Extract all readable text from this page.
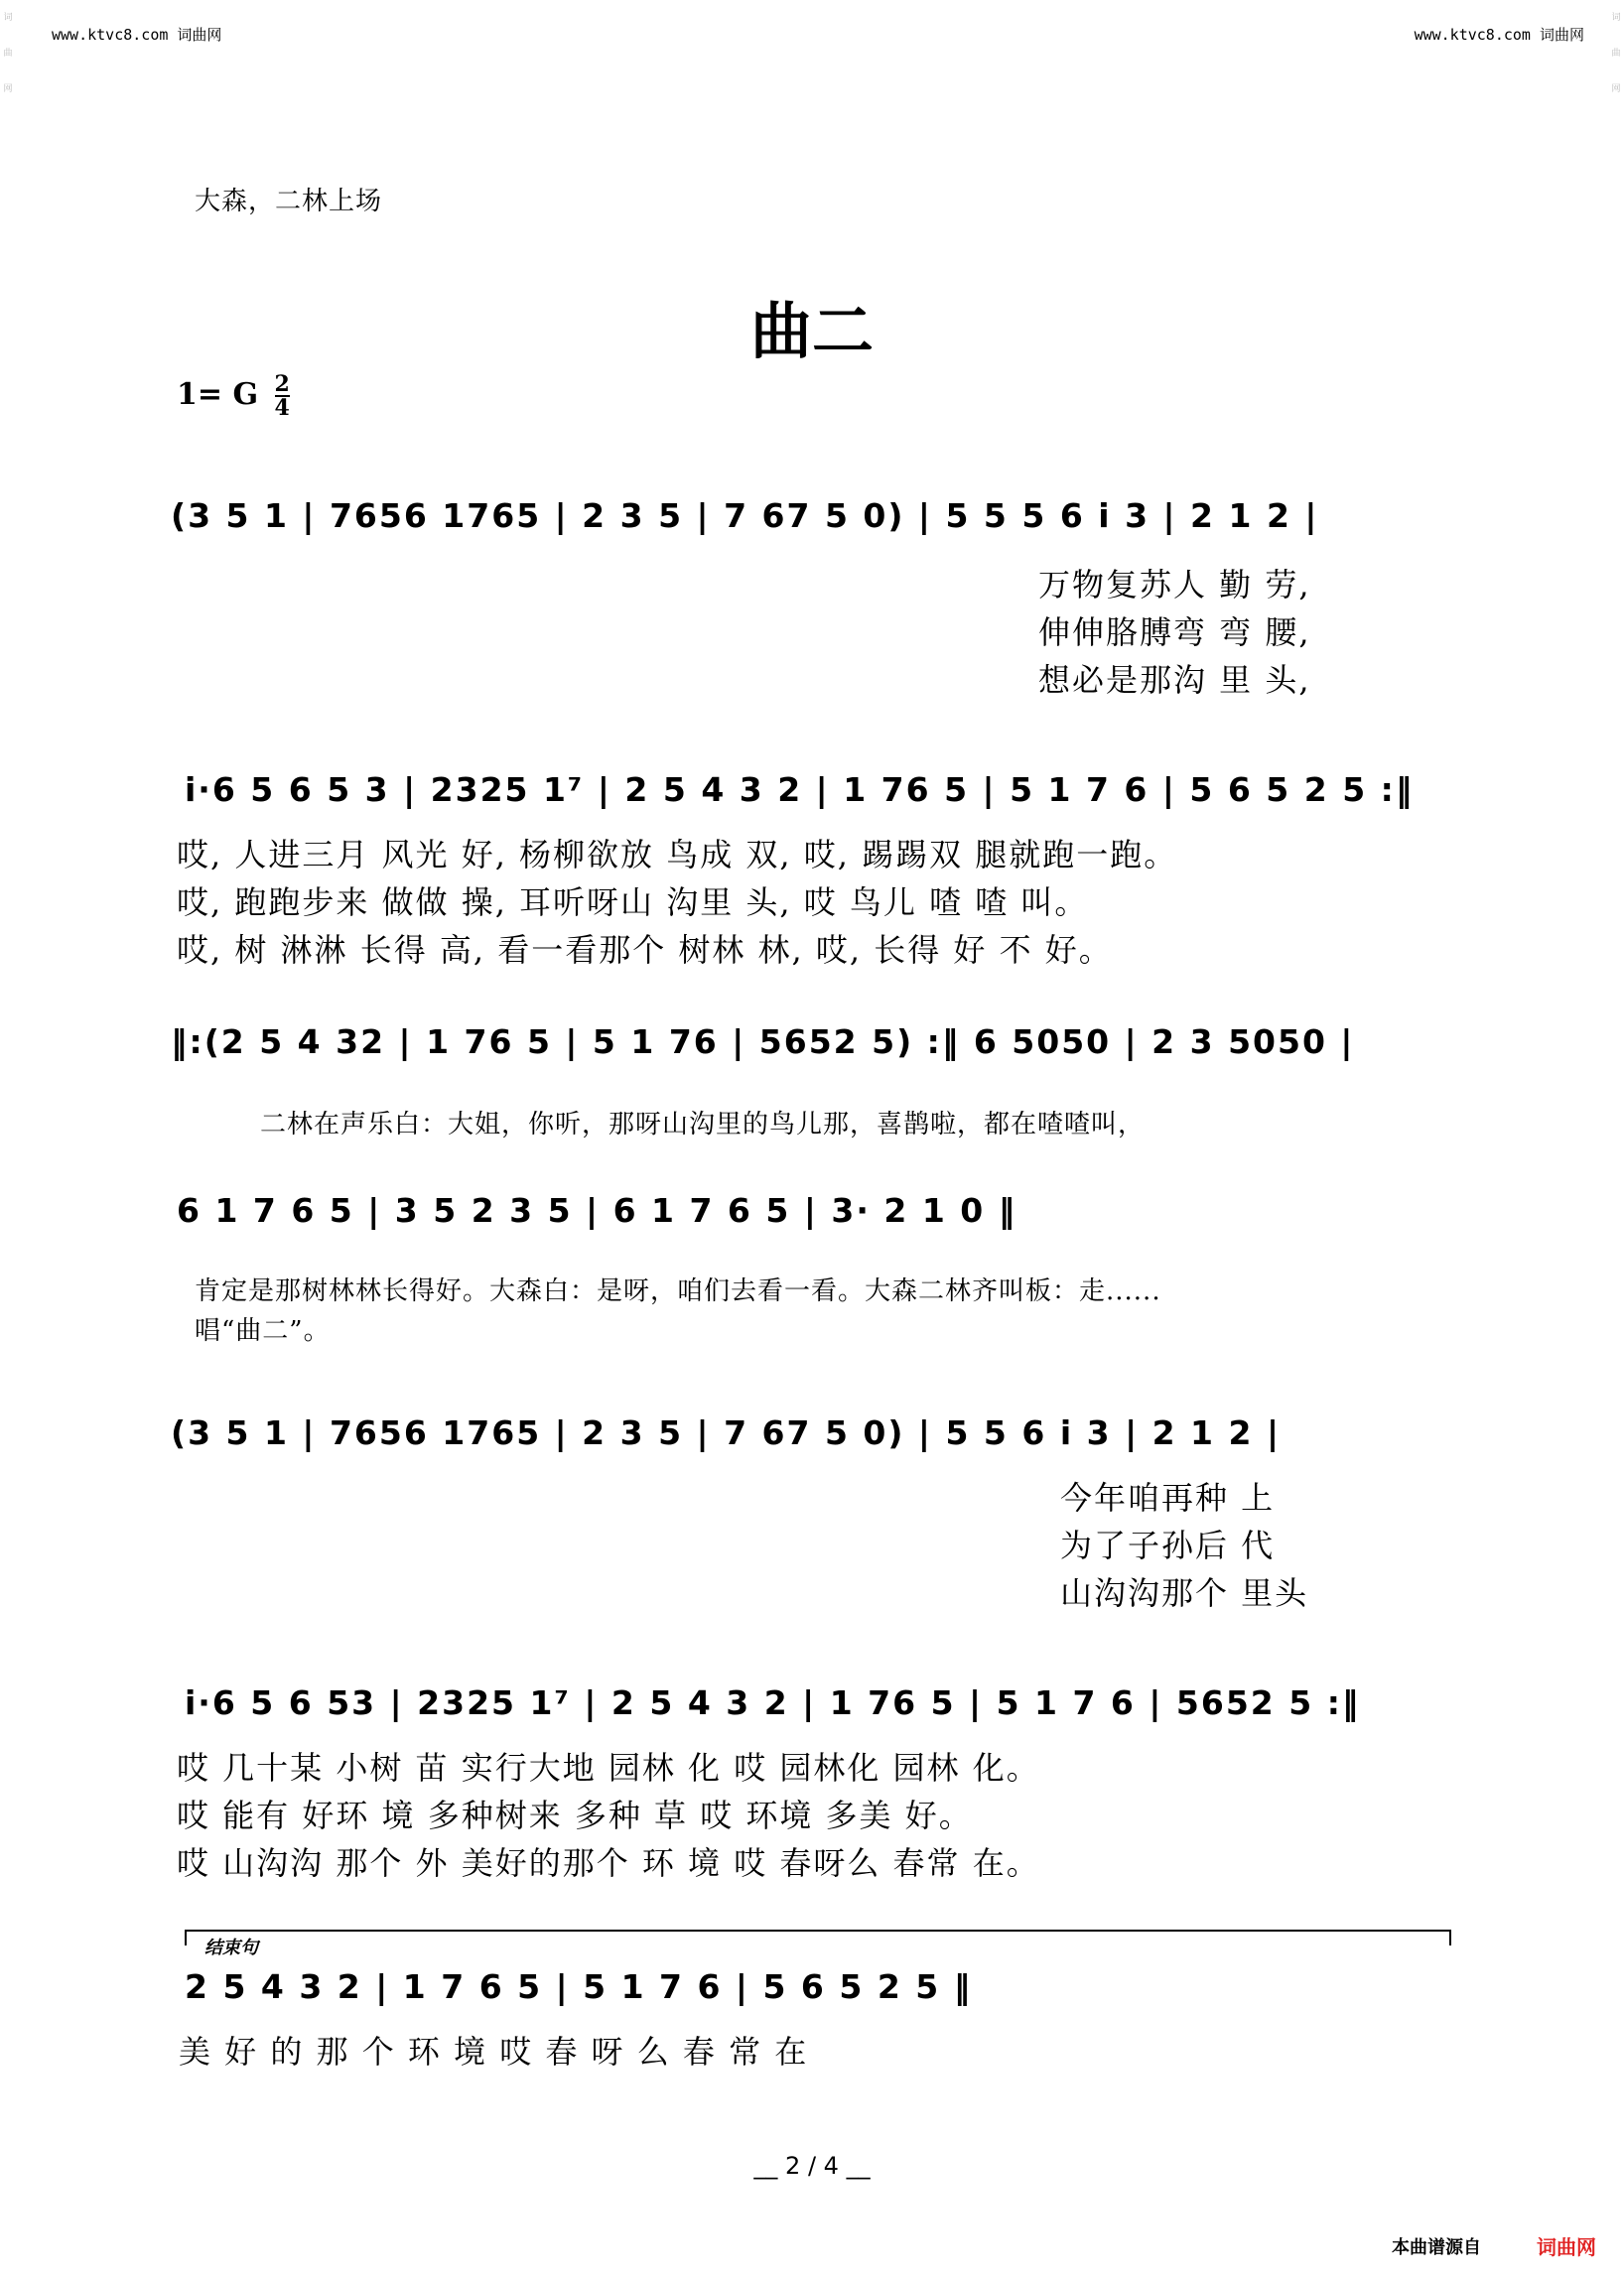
词
曲
网
词
曲
网
www.ktvc8.com 词曲网	www.ktvc8.com 词曲网
大森，二林上场
曲二
1= G $\frac{2}{4}$
(3 5 1 | 7656 1765 | 2 3 5 | 7 67 5 0) | 5 5 5 6 i 3 | 2 1 2 |
万物复苏人 勤 劳,
伸伸胳膊弯 弯 腰,
想必是那沟 里 头,
i·6 5 6 5 3 | 2325 1⁷ | 2 5 4 3 2 | 1 76 5 | 5 1 7 6 | 5 6 5 2 5 :‖
哎, 人进三月 风光 好, 杨柳欲放 鸟成 双, 哎, 踢踢双 腿就跑一跑。
哎, 跑跑步来 做做 操, 耳听呀山 沟里 头, 哎 鸟儿 喳 喳 叫。
哎, 树 淋淋 长得 高, 看一看那个 树林 林, 哎, 长得 好 不 好。
‖:(2 5 4 32 | 1 76 5 | 5 1 76 | 5652 5) :‖ 6 5050 | 2 3 5050 |
二林在声乐白：大姐，你听，那呀山沟里的鸟儿那，喜鹊啦，都在喳喳叫，
6 1 7 6 5 | 3 5 2 3 5 | 6 1 7 6 5 | 3· 2 1 0 ‖
肯定是那树林林长得好。大森白：是呀，咱们去看一看。大森二林齐叫板：走......
唱“曲二”。
(3 5 1 | 7656 1765 | 2 3 5 | 7 67 5 0) | 5 5 6 i 3 | 2 1 2 |
今年咱再种 上
为了子孙后 代
山沟沟那个 里头
i·6 5 6 53 | 2325 1⁷ | 2 5 4 3 2 | 1 76 5 | 5 1 7 6 | 5652 5 :‖
哎 几十某 小树 苗 实行大地 园林 化 哎 园林化 园林 化。
哎 能有 好环 境 多种树来 多种 草 哎 环境 多美 好。
哎 山沟沟 那个 外 美好的那个 环 境 哎 春呀么 春常 在。
结束句
2 5 4 3 2 | 1 7 6 5 | 5 1 7 6 | 5 6 5 2 5 ‖
美 好 的 那 个 环 境 哎 春 呀 么 春 常 在
__ 2 / 4 __
本曲谱源自	词曲网
